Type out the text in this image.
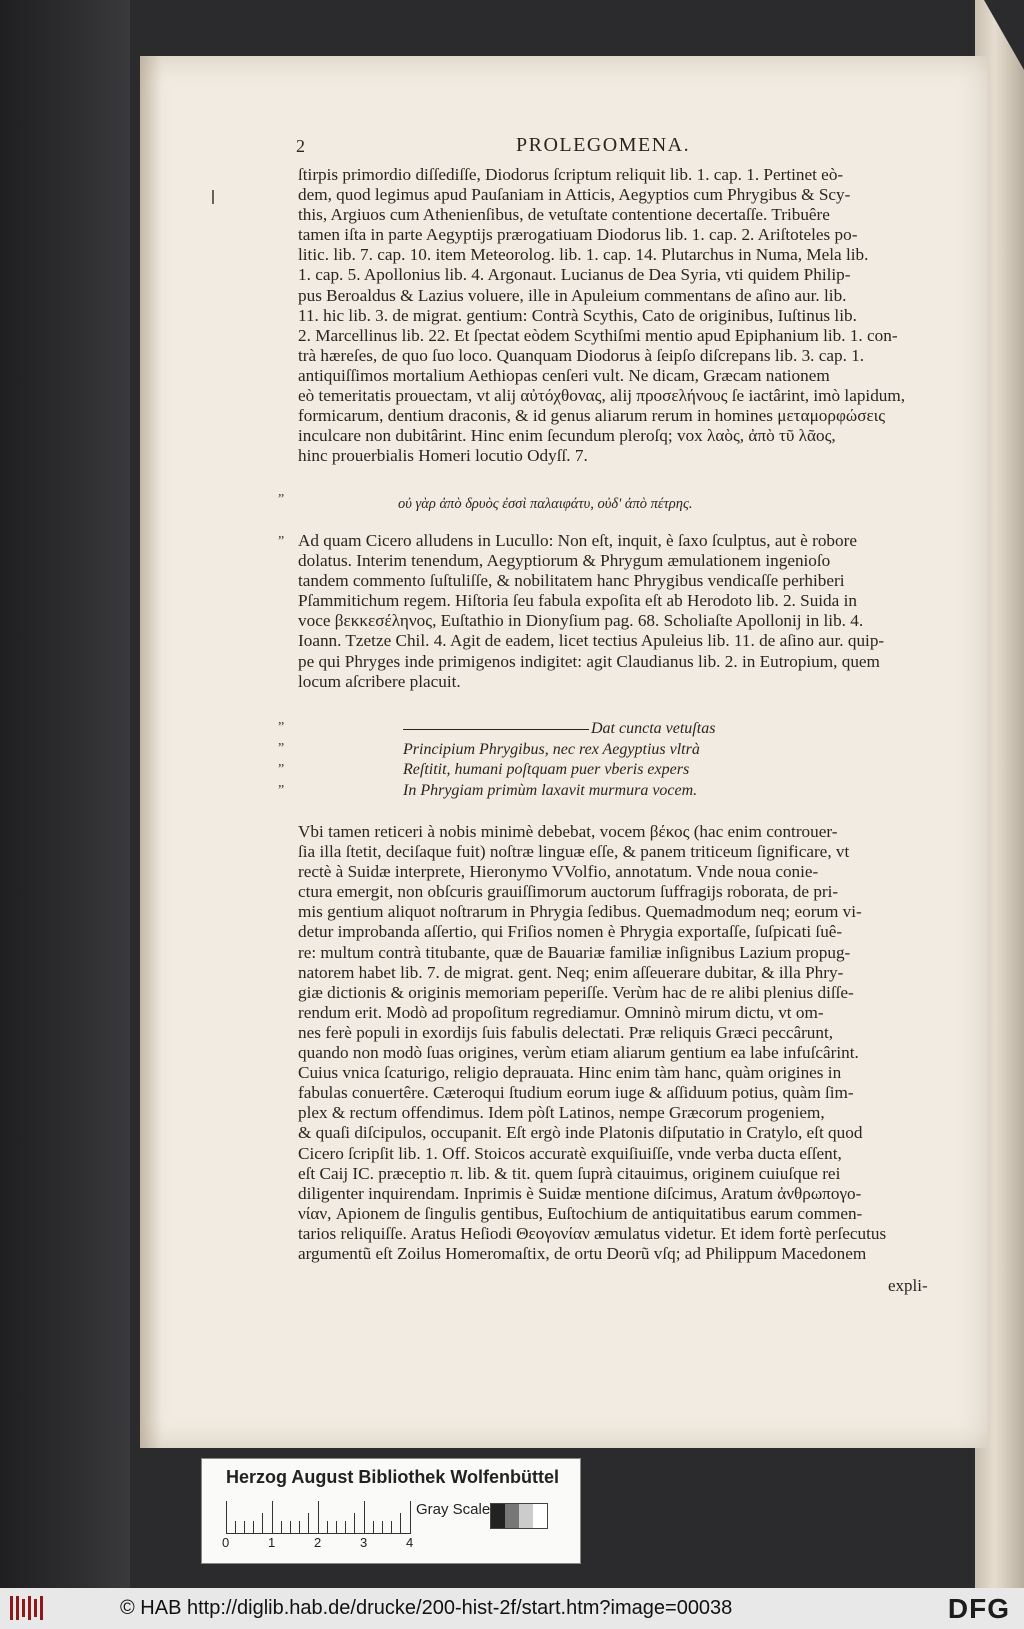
2	PROLEGOMENA.
ſtirpis primordio diſſediſſe, Diodorus ſcriptum reliquit lib. 1. cap. 1. Pertinet eò-
dem, quod legimus apud Pauſaniam in Atticis, Aegyptios cum Phrygibus & Scy-
this, Argiuos cum Athenienſibus, de vetuſtate contentione decertaſſe. Tribuêre
tamen iſta in parte Aegyptijs prærogatiuam Diodorus lib. 1. cap. 2. Ariſtoteles po-
litic. lib. 7. cap. 10. item Meteorolog. lib. 1. cap. 14. Plutarchus in Numa, Mela lib.
1. cap. 5. Apollonius lib. 4. Argonaut. Lucianus de Dea Syria, vti quidem Philip-
pus Beroaldus & Lazius voluere, ille in Apuleium commentans de aſino aur. lib.
11. hic lib. 3. de migrat. gentium: Contrà Scythis, Cato de originibus, Iuſtinus lib.
2. Marcellinus lib. 22. Et ſpectat eòdem Scythiſmi mentio apud Epiphanium lib. 1. con-
trà hæreſes, de quo ſuo loco. Quanquam Diodorus à ſeipſo diſcrepans lib. 3. cap. 1.
antiquiſſimos mortalium Aethiopas cenſeri vult. Ne dicam, Græcam nationem
eò temeritatis prouectam, vt alij αὐτόχθονας, alij προσελήνους ſe iactârint, imò lapidum,
formicarum, dentium draconis, & id genus aliarum rerum in homines μεταμορφώσεις
inculcare non dubitârint. Hinc enim ſecundum pleroſq; vox λαὸς, ἀπὸ τῦ λᾶος,
hinc prouerbialis Homeri locutio Odyſſ. 7.
”	οὐ γὰρ ἀπὸ δρυὸς ἐσσὶ παλαιφάτυ, οὐδ' ἀπὸ πέτρης.
” Ad quam Cicero alludens in Lucullo: Non eſt, inquit, è ſaxo ſculptus, aut è robore
dolatus. Interim tenendum, Aegyptiorum & Phrygum æmulationem ingenioſo
tandem commento ſuſtuliſſe, & nobilitatem hanc Phrygibus vendicaſſe perhiberi
Pſammitichum regem. Hiſtoria ſeu fabula expoſita eſt ab Herodoto lib. 2. Suida in
voce βεκκεσέληνος, Euſtathio in Dionyſium pag. 68. Scholiaſte Apollonij in lib. 4.
Ioann. Tzetze Chil. 4. Agit de eadem, licet tectius Apuleius lib. 11. de aſino aur. quip-
pe qui Phryges inde primigenos indigitet: agit Claudianus lib. 2. in Eutropium, quem
locum aſcribere placuit.
”
”
”
”
Dat cuncta vetuſtas
Principium Phrygibus, nec rex Aegyptius vltrà
Reſtitit, humani poſtquam puer vberis expers
In Phrygiam primùm laxavit murmura vocem.
Vbi tamen reticeri à nobis minimè debebat, vocem βέκος (hac enim controuer-
ſia illa ſtetit, deciſaque fuit) noſtræ linguæ eſſe, & panem triticeum ſignificare, vt
rectè à Suidæ interprete, Hieronymo VVolfio, annotatum. Vnde noua conie-
ctura emergit, non obſcuris grauiſſimorum auctorum ſuffragijs roborata, de pri-
mis gentium aliquot noſtrarum in Phrygia ſedibus. Quemadmodum neq; eorum vi-
detur improbanda aſſertio, qui Friſios nomen è Phrygia exportaſſe, ſuſpicati ſuê-
re: multum contrà titubante, quæ de Bauariæ familiæ inſignibus Lazium propug-
natorem habet lib. 7. de migrat. gent. Neq; enim aſſeuerare dubitar, & illa Phry-
giæ dictionis & originis memoriam peperiſſe. Verùm hac de re alibi plenius diſſe-
rendum erit. Modò ad propoſitum regrediamur. Omninò mirum dictu, vt om-
nes ferè populi in exordijs ſuis fabulis delectati. Præ reliquis Græci peccârunt,
quando non modò ſuas origines, verùm etiam aliarum gentium ea labe infuſcârint.
Cuius vnica ſcaturigo, religio deprauata. Hinc enim tàm hanc, quàm origines in
fabulas conuertêre. Cæteroqui ſtudium eorum iuge & aſſiduum potius, quàm ſim-
plex & rectum offendimus. Idem pòſt Latinos, nempe Græcorum progeniem,
& quaſi diſcipulos, occupanit. Eſt ergò inde Platonis diſputatio in Cratylo, eſt quod
Cicero ſcripſit lib. 1. Off. Stoicos accuratè exquiſiuiſſe, vnde verba ducta eſſent,
eſt Caij IC. præceptio π. lib. & tit. quem ſuprà citauimus, originem cuiuſque rei
diligenter inquirendam. Inprimis è Suidæ mentione diſcimus, Aratum ἀνθρωπογο-
νίαν, Apionem de ſingulis gentibus, Euſtochium de antiquitatibus earum commen-
tarios reliquiſſe. Aratus Heſiodi Θεογονίαν æmulatus videtur. Et idem fortè perſecutus
argumentũ eſt Zoilus Homeromaſtix, de ortu Deorũ vſq; ad Philippum Macedonem
expli-
Herzog August Bibliothek Wolfenbüttel
0	1	2	3	4
Gray Scale
© HAB http://diglib.hab.de/drucke/200-hist-2f/start.htm?image=00038	DFG
